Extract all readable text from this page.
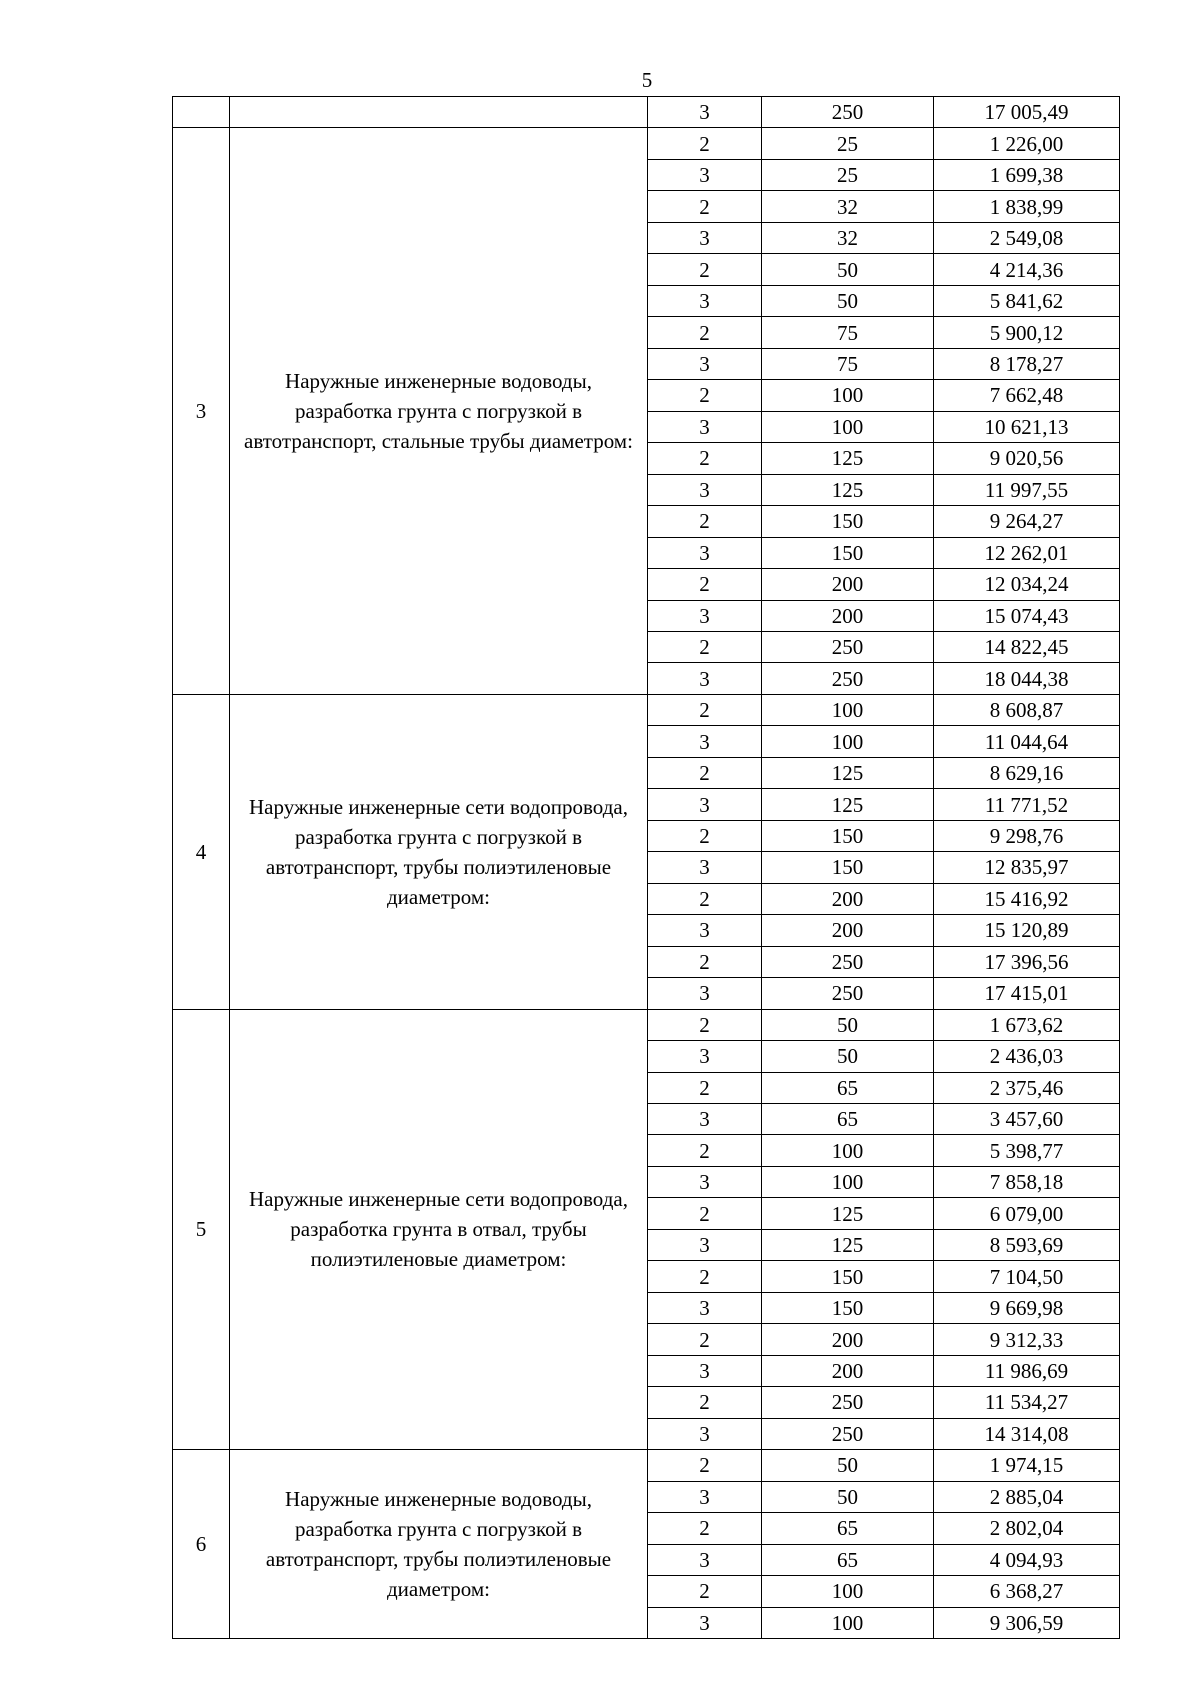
5
		3	250	17 005,49
3	Наружные инженерные водоводы, разработка грунта с погрузкой в автотранспорт, стальные трубы диаметром:	2	25	1 226,00
		3	25	1 699,38
		2	32	1 838,99
		3	32	2 549,08
		2	50	4 214,36
		3	50	5 841,62
		2	75	5 900,12
		3	75	8 178,27
		2	100	7 662,48
		3	100	10 621,13
		2	125	9 020,56
		3	125	11 997,55
		2	150	9 264,27
		3	150	12 262,01
		2	200	12 034,24
		3	200	15 074,43
		2	250	14 822,45
		3	250	18 044,38
4	Наружные инженерные сети водопровода, разработка грунта с погрузкой в автотранспорт, трубы полиэтиленовые диаметром:	2	100	8 608,87
		3	100	11 044,64
		2	125	8 629,16
		3	125	11 771,52
		2	150	9 298,76
		3	150	12 835,97
		2	200	15 416,92
		3	200	15 120,89
		2	250	17 396,56
		3	250	17 415,01
5	Наружные инженерные сети водопровода, разработка грунта в отвал, трубы полиэтиленовые диаметром:	2	50	1 673,62
		3	50	2 436,03
		2	65	2 375,46
		3	65	3 457,60
		2	100	5 398,77
		3	100	7 858,18
		2	125	6 079,00
		3	125	8 593,69
		2	150	7 104,50
		3	150	9 669,98
		2	200	9 312,33
		3	200	11 986,69
		2	250	11 534,27
		3	250	14 314,08
6	Наружные инженерные водоводы, разработка грунта с погрузкой в автотранспорт, трубы полиэтиленовые диаметром:	2	50	1 974,15
		3	50	2 885,04
		2	65	2 802,04
		3	65	4 094,93
		2	100	6 368,27
		3	100	9 306,59
